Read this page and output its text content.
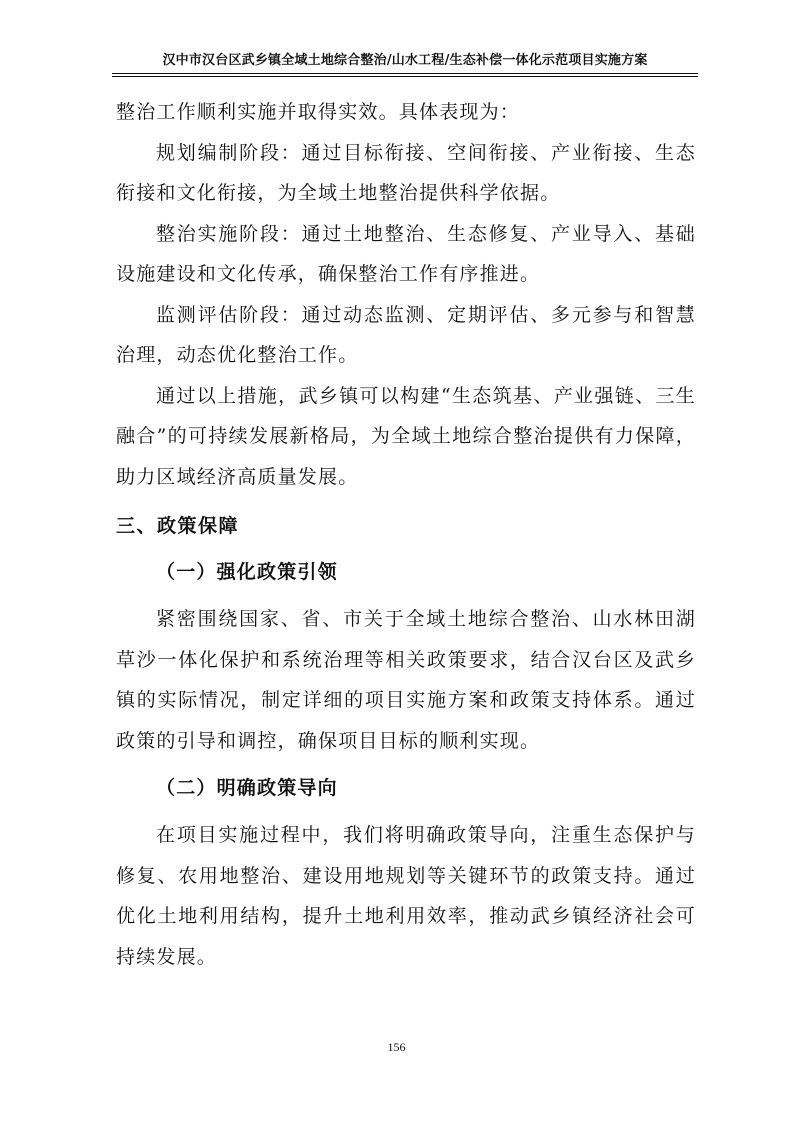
汉中市汉台区武乡镇全域土地综合整治/山水工程/生态补偿一体化示范项目实施方案

整治工作顺利实施并取得实效。具体表现为：

规划编制阶段：通过目标衔接、空间衔接、产业衔接、生态衔接和文化衔接，为全域土地整治提供科学依据。

整治实施阶段：通过土地整治、生态修复、产业导入、基础设施建设和文化传承，确保整治工作有序推进。

监测评估阶段：通过动态监测、定期评估、多元参与和智慧治理，动态优化整治工作。

通过以上措施，武乡镇可以构建“生态筑基、产业强链、三生融合”的可持续发展新格局，为全域土地综合整治提供有力保障，助力区域经济高质量发展。

三、政策保障
（一）强化政策引领

紧密围绕国家、省、市关于全域土地综合整治、山水林田湖草沙一体化保护和系统治理等相关政策要求，结合汉台区及武乡镇的实际情况，制定详细的项目实施方案和政策支持体系。通过政策的引导和调控，确保项目目标的顺利实现。

（二）明确政策导向

在项目实施过程中，我们将明确政策导向，注重生态保护与修复、农用地整治、建设用地规划等关键环节的政策支持。通过优化土地利用结构，提升土地利用效率，推动武乡镇经济社会可持续发展。

156
